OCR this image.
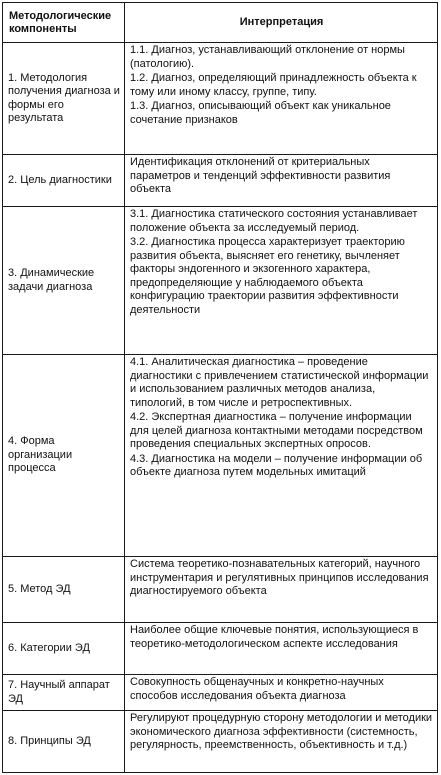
Методологические компоненты	Интерпретация
1. Методология получения диагноза и формы его результата	1.1. Диагноз, устанавливающий отклонение от нормы (патологию).
1.2. Диагноз, определяющий принадлежность объекта к тому или иному классу, группе, типу.
1.3. Диагноз, описывающий объект как уникальное сочетание признаков

2. Цель диагностики	Идентификация отклонений от критериальных параметров и тенденций эффективности развития объекта

3. Динамические задачи диагноза	3.1. Диагностика статического состояния устанавливает положение объекта за исследуемый период.
3.2. Диагностика процесса характеризует траекторию развития объекта, выясняет его генетику, вычленяет факторы эндогенного и экзогенного характера, предопределяющие у наблюдаемого объекта конфигурацию траектории развития эффективности деятельности

4. Форма организации процесса	4.1. Аналитическая диагностика – проведение диагностики с привлечением статистической информации и использованием различных методов анализа, типологий, в том числе и ретроспективных.
4.2. Экспертная диагностика – получение информации для целей диагноза контактными методами посредством проведения специальных экспертных опросов.
4.3. Диагностика на модели – получение информации об объекте диагноза путем модельных имитаций

5. Метод ЭД	Система теоретико-познавательных категорий, научного инструментария и регулятивных принципов исследования диагностируемого объекта

6. Категории ЭД	Наиболее общие ключевые понятия, использующиеся в теоретико-методологическом аспекте исследования

7. Научный аппарат ЭД	Совокупность общенаучных и конкретно-научных способов исследования объекта диагноза

8. Принципы ЭД	Регулируют процедурную сторону методологии и методики экономического диагноза эффективности (системность, регулярность, преемственность, объективность и т.д.)
